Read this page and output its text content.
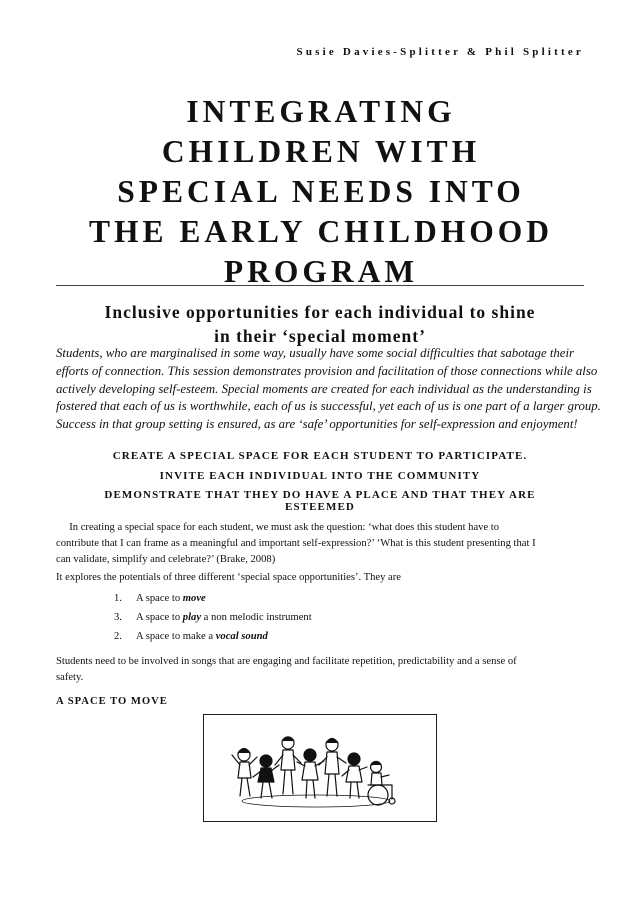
Susie Davies-Splitter & Phil Splitter
INTEGRATING
CHILDREN WITH
SPECIAL NEEDS INTO
THE EARLY CHILDHOOD
PROGRAM
Inclusive opportunities for each individual to shine
in their ‘special moment’

Students, who are marginalised in some way, usually have some social difficulties that sabotage their
efforts of connection. This session demonstrates provision and facilitation of those connections while also
actively developing self-esteem. Special moments are created for each individual as the understanding is
fostered that each of us is worthwhile, each of us is successful, yet each of us is one part of a larger group.
Success in that group setting is ensured, as are ‘safe’ opportunities for self-expression and enjoyment!

CREATE A SPECIAL SPACE FOR EACH STUDENT TO PARTICIPATE.

INVITE EACH INDIVIDUAL INTO THE COMMUNITY

DEMONSTRATE THAT THEY DO HAVE A PLACE AND THAT THEY ARE
ESTEEMED

In creating a special space for each student, we must ask the question: ‘what does this student have to
contribute that I can frame as a meaningful and important self-expression?’ ‘What is this student presenting that I
can validate, simplify and celebrate?’ (Brake, 2008)

It explores the potentials of three different ‘special space opportunities’. They are

1. A space to move
3. A space to play a non melodic instrument
2. A space to make a vocal sound

Students need to be involved in songs that are engaging and facilitate repetition, predictability and a sense of
safety.

A SPACE TO MOVE
